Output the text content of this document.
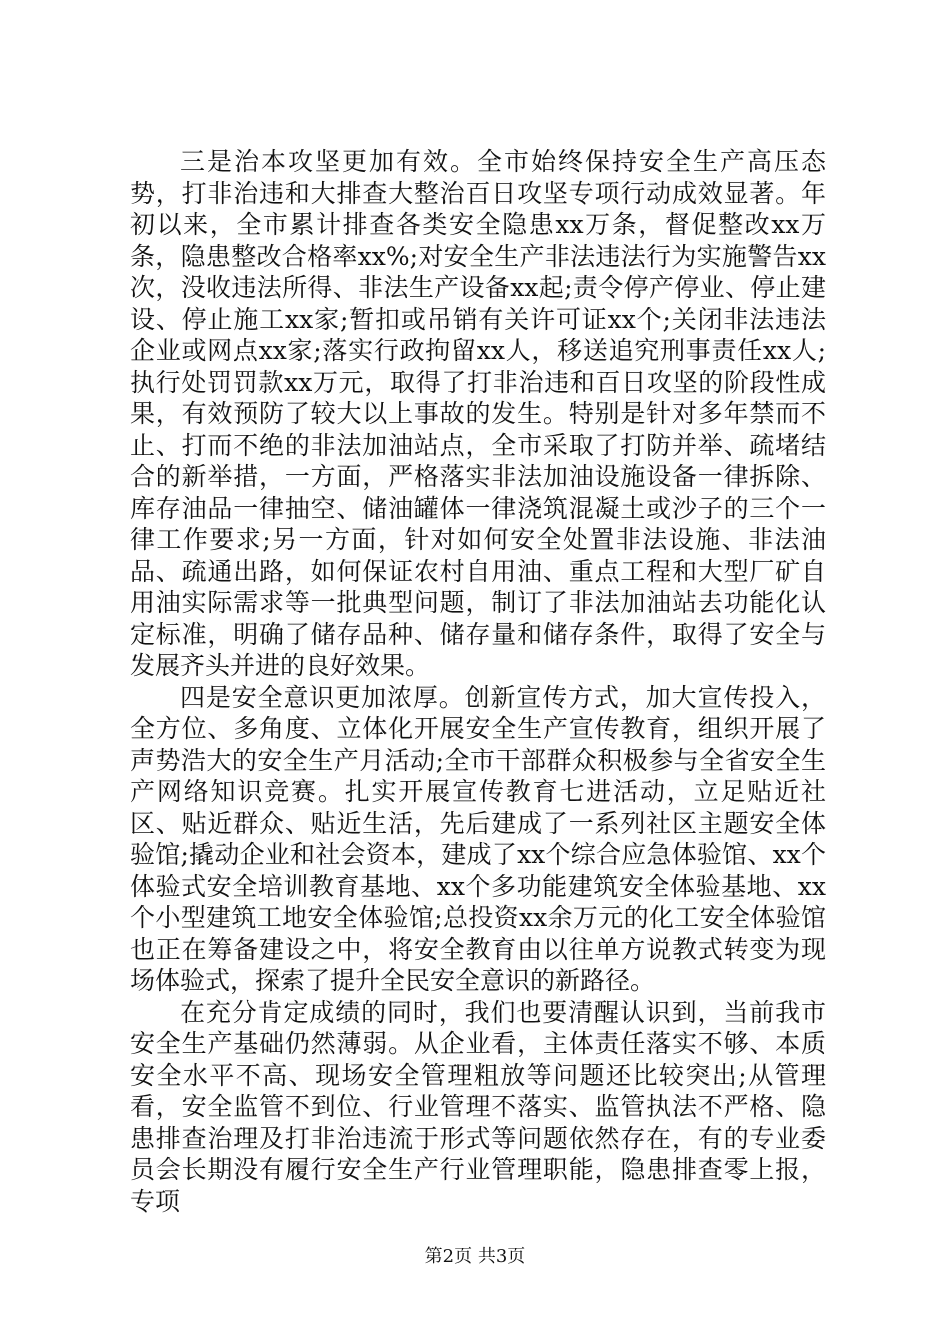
三是治本攻坚更加有效。全市始终保持安全生产高压态势，打非治违和大排查大整治百日攻坚专项行动成效显著。年初以来，全市累计排查各类安全隐患xx万条，督促整改xx万条，隐患整改合格率xx%;对安全生产非法违法行为实施警告xx次，没收违法所得、非法生产设备xx起;责令停产停业、停止建设、停止施工xx家;暂扣或吊销有关许可证xx个;关闭非法违法企业或网点xx家;落实行政拘留xx人，移送追究刑事责任xx人;执行处罚罚款xx万元，取得了打非治违和百日攻坚的阶段性成果，有效预防了较大以上事故的发生。特别是针对多年禁而不止、打而不绝的非法加油站点，全市采取了打防并举、疏堵结合的新举措，一方面，严格落实非法加油设施设备一律拆除、库存油品一律抽空、储油罐体一律浇筑混凝土或沙子的三个一律工作要求;另一方面，针对如何安全处置非法设施、非法油品、疏通出路，如何保证农村自用油、重点工程和大型厂矿自用油实际需求等一批典型问题，制订了非法加油站去功能化认定标准，明确了储存品种、储存量和储存条件，取得了安全与发展齐头并进的良好效果。

四是安全意识更加浓厚。创新宣传方式，加大宣传投入，全方位、多角度、立体化开展安全生产宣传教育，组织开展了声势浩大的安全生产月活动;全市干部群众积极参与全省安全生产网络知识竞赛。扎实开展宣传教育七进活动，立足贴近社区、贴近群众、贴近生活，先后建成了一系列社区主题安全体验馆;撬动企业和社会资本，建成了xx个综合应急体验馆、xx个体验式安全培训教育基地、xx个多功能建筑安全体验基地、xx个小型建筑工地安全体验馆;总投资xx余万元的化工安全体验馆也正在筹备建设之中，将安全教育由以往单方说教式转变为现场体验式，探索了提升全民安全意识的新路径。

在充分肯定成绩的同时，我们也要清醒认识到，当前我市安全生产基础仍然薄弱。从企业看，主体责任落实不够、本质安全水平不高、现场安全管理粗放等问题还比较突出;从管理看，安全监管不到位、行业管理不落实、监管执法不严格、隐患排查治理及打非治违流于形式等问题依然存在，有的专业委员会长期没有履行安全生产行业管理职能，隐患排查零上报，专项

第2页 共3页
